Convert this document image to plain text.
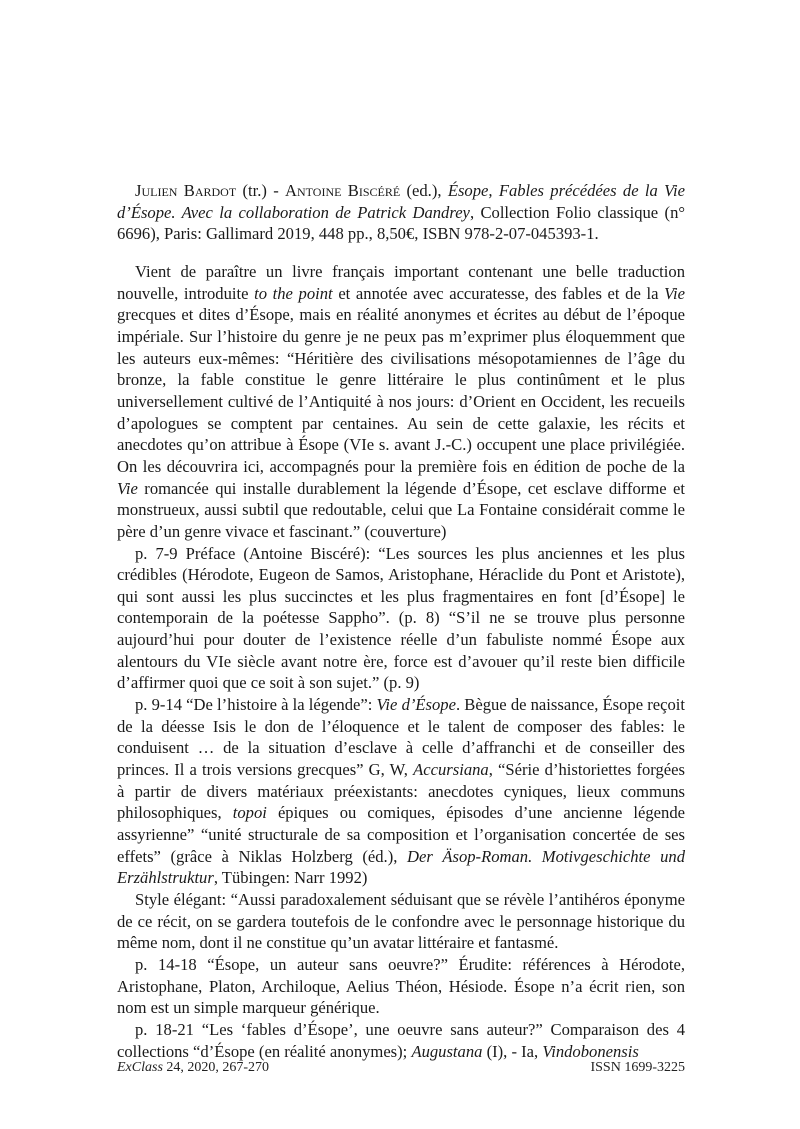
Julien Bardot (tr.) - Antoine Biscéré (ed.), Ésope, Fables précédées de la Vie d’Ésope. Avec la collaboration de Patrick Dandrey, Collection Folio classique (n° 6696), Paris: Gallimard 2019, 448 pp., 8,50€, ISBN 978-2-07-045393-1.

Vient de paraître un livre français important contenant une belle traduction nouvelle, introduite to the point et annotée avec accuratesse, des fables et de la Vie grecques et dites d’Ésope, mais en réalité anonymes et écrites au début de l’époque impériale. Sur l’histoire du genre je ne peux pas m’exprimer plus éloquemment que les auteurs eux-mêmes: “Héritière des civilisations mésopotamiennes de l’âge du bronze, la fable constitue le genre littéraire le plus continûment et le plus universellement cultivé de l’Antiquité à nos jours: d’Orient en Occident, les recueils d’apologues se comptent par centaines. Au sein de cette galaxie, les récits et anecdotes qu’on attribue à Ésope (VIe s. avant J.-C.) occupent une place privilégiée. On les découvrira ici, accompagnés pour la première fois en édition de poche de la Vie romancée qui installe durablement la légende d’Ésope, cet esclave difforme et monstrueux, aussi subtil que redoutable, celui que La Fontaine considérait comme le père d’un genre vivace et fascinant.” (couverture)

p. 7-9 Préface (Antoine Biscéré): “Les sources les plus anciennes et les plus crédibles (Hérodote, Eugeon de Samos, Aristophane, Héraclide du Pont et Aristote), qui sont aussi les plus succinctes et les plus fragmentaires en font [d’Ésope] le contemporain de la poétesse Sappho”. (p. 8) “S’il ne se trouve plus personne aujourd’hui pour douter de l’existence réelle d’un fabuliste nommé Ésope aux alentours du VIe siècle avant notre ère, force est d’avouer qu’il reste bien difficile d’affirmer quoi que ce soit à son sujet.” (p. 9)

p. 9-14 “De l’histoire à la légende”: Vie d’Ésope. Bègue de naissance, Ésope reçoit de la déesse Isis le don de l’éloquence et le talent de composer des fables: le conduisent … de la situation d’esclave à celle d’affranchi et de conseiller des princes. Il a trois versions grecques” G, W, Accursiana, “Série d’historiettes forgées à partir de divers matériaux préexistants: anecdotes cyniques, lieux communs philosophiques, topoi épiques ou comiques, épisodes d’une ancienne légende assyrienne” “unité structurale de sa composition et l’organisation concertée de ses effets” (grâce à Niklas Holzberg (éd.), Der Äsop-Roman. Motivgeschichte und Erzählstruktur, Tübingen: Narr 1992)

Style élégant: “Aussi paradoxalement séduisant que se révèle l’antihéros éponyme de ce récit, on se gardera toutefois de le confondre avec le personnage historique du même nom, dont il ne constitue qu’un avatar littéraire et fantasmé.

p. 14-18 “Ésope, un auteur sans oeuvre?” Érudite: références à Hérodote, Aristophane, Platon, Archiloque, Aelius Théon, Hésiode. Ésope n’a écrit rien, son nom est un simple marqueur générique.

p. 18-21 “Les ‘fables d’Ésope’, une oeuvre sans auteur?” Comparaison des 4 collections “d’Ésope (en réalité anonymes); Augustana (I), - Ia, Vindobonensis

ExClass 24, 2020, 267-270	ISSN 1699-3225
